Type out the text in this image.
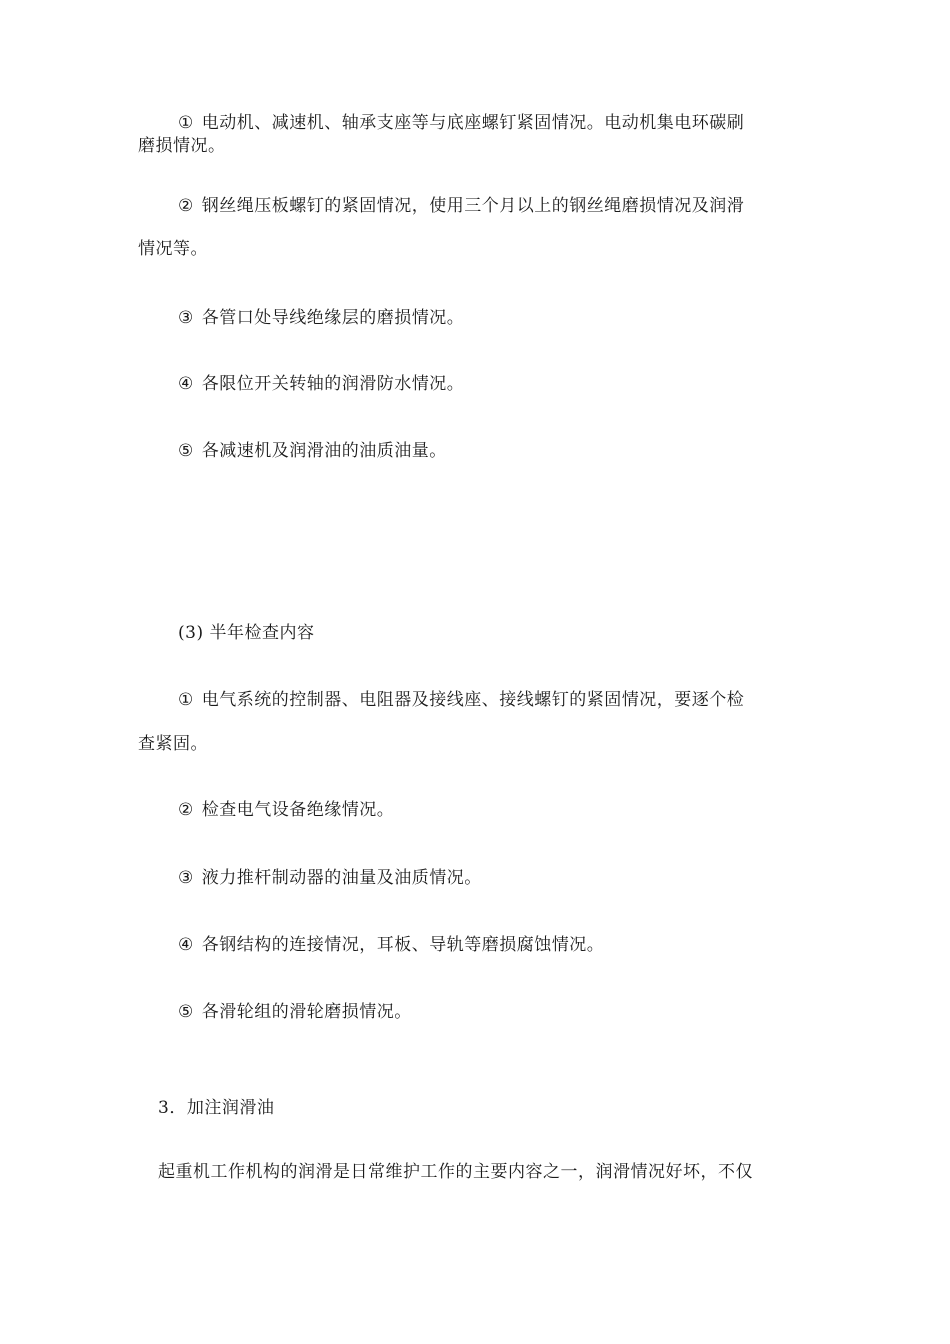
① 电动机、减速机、轴承支座等与底座螺钉紧固情况。电动机集电环碳刷
磨损情况。
② 钢丝绳压板螺钉的紧固情况，使用三个月以上的钢丝绳磨损情况及润滑
情况等。
③ 各管口处导线绝缘层的磨损情况。
④ 各限位开关转轴的润滑防水情况。
⑤ 各减速机及润滑油的油质油量。
(3) 半年检查内容
① 电气系统的控制器、电阻器及接线座、接线螺钉的紧固情况，要逐个检
查紧固。
② 检查电气设备绝缘情况。
③ 液力推杆制动器的油量及油质情况。
④ 各钢结构的连接情况，耳板、导轨等磨损腐蚀情况。
⑤ 各滑轮组的滑轮磨损情况。
3．加注润滑油
起重机工作机构的润滑是日常维护工作的主要内容之一，润滑情况好坏，不仅
